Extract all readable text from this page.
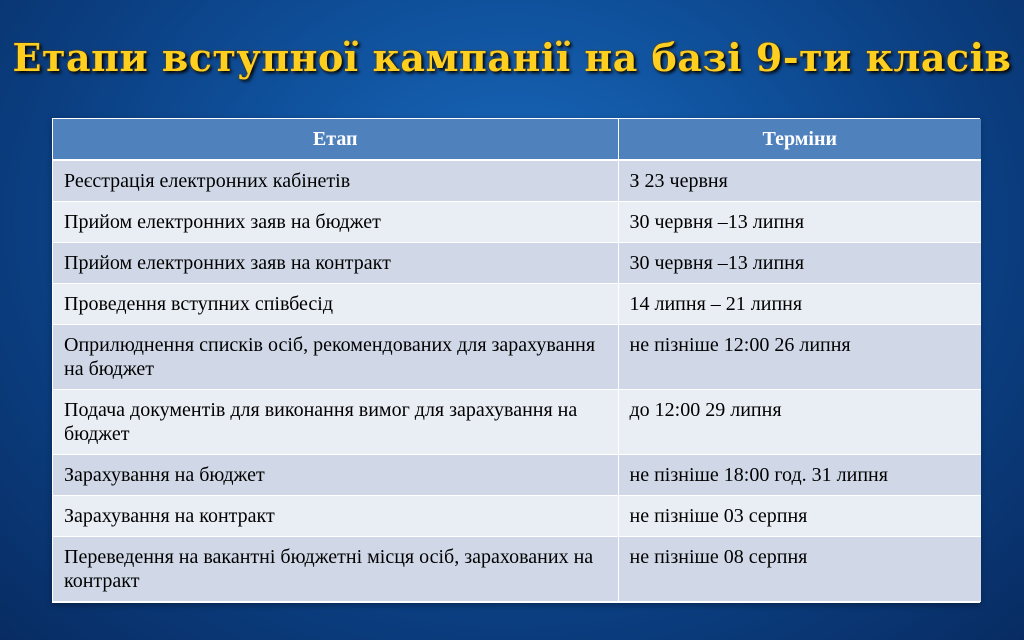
Етапи вступної кампанії на базі 9-ти класів
Етап	Терміни
Реєстрація електронних кабінетів	З 23 червня
Прийом електронних заяв на бюджет	30 червня –13 липня
Прийом електронних заяв на контракт	30 червня –13 липня
Проведення вступних співбесід	14 липня – 21 липня
Оприлюднення списків осіб, рекомендованих для зарахування на бюджет	не пізніше 12:00 26 липня
Подача документів для виконання вимог для зарахування на бюджет	до 12:00 29 липня
Зарахування на бюджет	не пізніше 18:00 год. 31 липня
Зарахування на контракт	не пізніше 03 серпня
Переведення на вакантні бюджетні місця осіб, зарахованих на контракт	не пізніше 08 серпня
